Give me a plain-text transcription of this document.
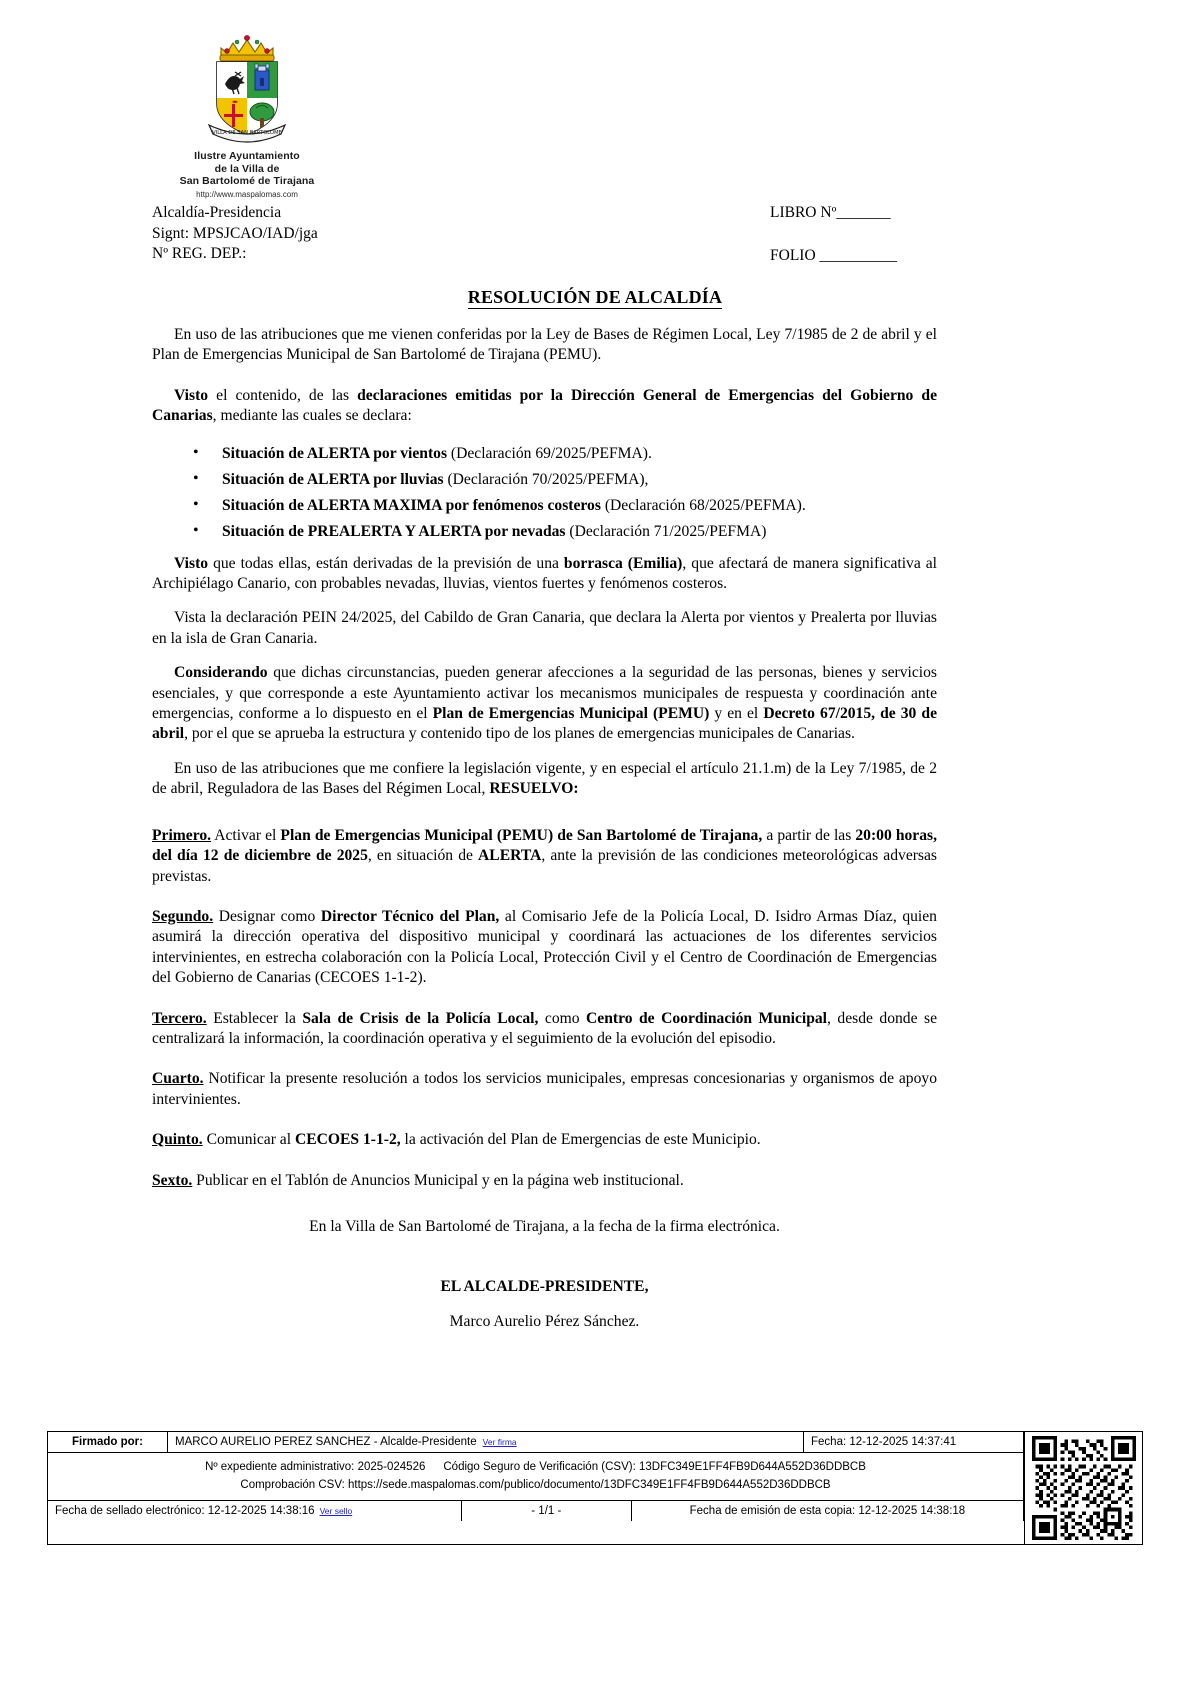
VILLA DE SAN BARTOLOME
Ilustre Ayuntamiento
de la Villa de
San Bartolomé de Tirajana
http://www.maspalomas.com
Alcaldía-Presidencia
Signt: MPSJCAO/IAD/jga
Nº REG. DEP.:
LIBRO Nº_______
FOLIO __________
RESOLUCIÓN DE ALCALDÍA

En uso de las atribuciones que me vienen conferidas por la Ley de Bases de Régimen Local, Ley 7/1985 de 2 de abril y el Plan de Emergencias Municipal de San Bartolomé de Tirajana (PEMU).

Visto el contenido, de las declaraciones emitidas por la Dirección General de Emergencias del Gobierno de Canarias, mediante las cuales se declara:

• Situación de ALERTA por vientos (Declaración 69/2025/PEFMA).
• Situación de ALERTA por lluvias (Declaración 70/2025/PEFMA),
• Situación de ALERTA MAXIMA por fenómenos costeros (Declaración 68/2025/PEFMA).
• Situación de PREALERTA Y ALERTA por nevadas (Declaración 71/2025/PEFMA)

Visto que todas ellas, están derivadas de la previsión de una borrasca (Emilia), que afectará de manera significativa al Archipiélago Canario, con probables nevadas, lluvias, vientos fuertes y fenómenos costeros.

Vista la declaración PEIN 24/2025, del Cabildo de Gran Canaria, que declara la Alerta por vientos y Prealerta por lluvias en la isla de Gran Canaria.

Considerando que dichas circunstancias, pueden generar afecciones a la seguridad de las personas, bienes y servicios esenciales, y que corresponde a este Ayuntamiento activar los mecanismos municipales de respuesta y coordinación ante emergencias, conforme a lo dispuesto en el Plan de Emergencias Municipal (PEMU) y en el Decreto 67/2015, de 30 de abril, por el que se aprueba la estructura y contenido tipo de los planes de emergencias municipales de Canarias.

En uso de las atribuciones que me confiere la legislación vigente, y en especial el artículo 21.1.m) de la Ley 7/1985, de 2 de abril, Reguladora de las Bases del Régimen Local, RESUELVO:

Primero. Activar el Plan de Emergencias Municipal (PEMU) de San Bartolomé de Tirajana, a partir de las 20:00 horas, del día 12 de diciembre de 2025, en situación de ALERTA, ante la previsión de las condiciones meteorológicas adversas previstas.

Segundo. Designar como Director Técnico del Plan, al Comisario Jefe de la Policía Local, D. Isidro Armas Díaz, quien asumirá la dirección operativa del dispositivo municipal y coordinará las actuaciones de los diferentes servicios intervinientes, en estrecha colaboración con la Policía Local, Protección Civil y el Centro de Coordinación de Emergencias del Gobierno de Canarias (CECOES 1-1-2).

Tercero. Establecer la Sala de Crisis de la Policía Local, como Centro de Coordinación Municipal, desde donde se centralizará la información, la coordinación operativa y el seguimiento de la evolución del episodio.

Cuarto. Notificar la presente resolución a todos los servicios municipales, empresas concesionarias y organismos de apoyo intervinientes.

Quinto. Comunicar al CECOES 1-1-2, la activación del Plan de Emergencias de este Municipio.

Sexto. Publicar en el Tablón de Anuncios Municipal y en la página web institucional.

En la Villa de San Bartolomé de Tirajana, a la fecha de la firma electrónica.

EL ALCALDE-PRESIDENTE,
Marco Aurelio Pérez Sánchez.
Firmado por:	MARCO AURELIO PEREZ SANCHEZ - Alcalde-Presidente Ver firma	Fecha: 12-12-2025 14:37:41
Nº expediente administrativo: 2025-024526 Código Seguro de Verificación (CSV): 13DFC349E1FF4FB9D644A552D36DDBCB
Comprobación CSV: https://sede.maspalomas.com/publico/documento/13DFC349E1FF4FB9D644A552D36DDBCB
Fecha de sellado electrónico: 12-12-2025 14:38:16 Ver sello	- 1/1 -	Fecha de emisión de esta copia: 12-12-2025 14:38:18
